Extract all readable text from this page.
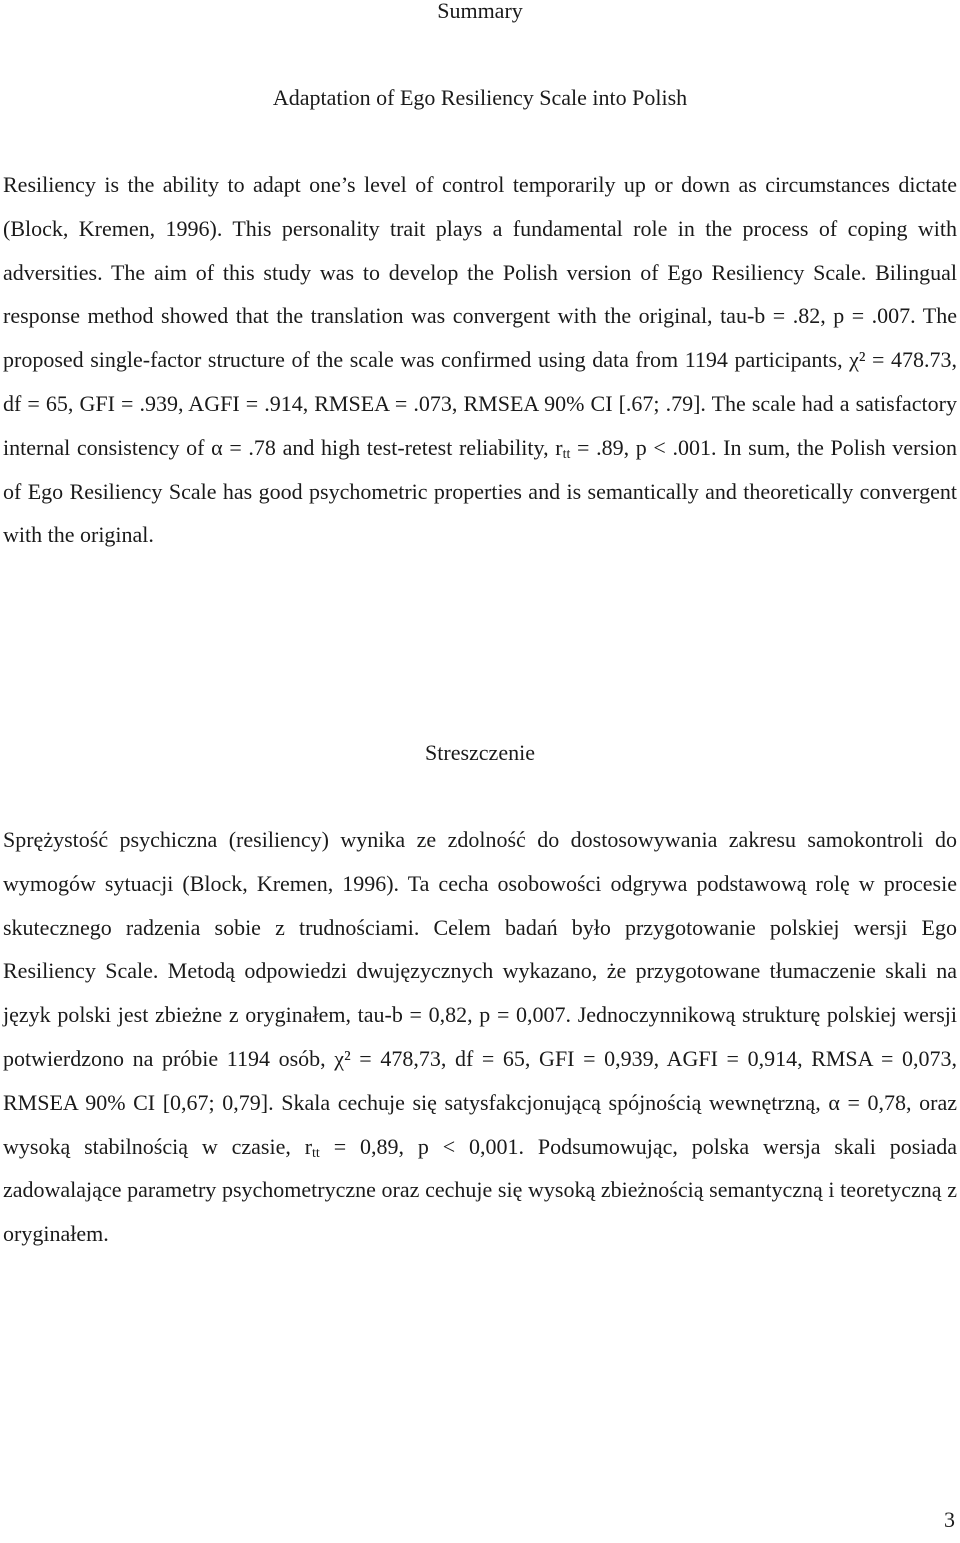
Summary
Adaptation of Ego Resiliency Scale into Polish

Resiliency is the ability to adapt one’s level of control temporarily up or down as circumstances dictate (Block, Kremen, 1996). This personality trait plays a fundamental role in the process of coping with adversities. The aim of this study was to develop the Polish version of Ego Resiliency Scale. Bilingual response method showed that the translation was convergent with the original, tau-b = .82, p = .007. The proposed single-factor structure of the scale was confirmed using data from 1194 participants, χ² = 478.73, df = 65, GFI = .939, AGFI = .914, RMSEA = .073, RMSEA 90% CI [.67; .79]. The scale had a satisfactory internal consistency of α = .78 and high test-retest reliability, $r_{tt} = .89$, p < .001. In sum, the Polish version of Ego Resiliency Scale has good psychometric properties and is semantically and theoretically convergent with the original.

Streszczenie

Sprężystość psychiczna (resiliency) wynika ze zdolność do dostosowywania zakresu samokontroli do wymogów sytuacji (Block, Kremen, 1996). Ta cecha osobowości odgrywa podstawową rolę w procesie skutecznego radzenia sobie z trudnościami. Celem badań było przygotowanie polskiej wersji Ego Resiliency Scale. Metodą odpowiedzi dwujęzycznych wykazano, że przygotowane tłumaczenie skali na język polski jest zbieżne z oryginałem, tau-b = 0,82, p = 0,007. Jednoczynnikową strukturę polskiej wersji potwierdzono na próbie 1194 osób, χ² = 478,73, df = 65, GFI = 0,939, AGFI = 0,914, RMSA = 0,073, RMSEA 90% CI [0,67; 0,79]. Skala cechuje się satysfakcjonującą spójnością wewnętrzną, α = 0,78, oraz wysoką stabilnością w czasie, $r_{tt} = 0,89$, p < 0,001. Podsumowując, polska wersja skali posiada zadowalające parametry psychometryczne oraz cechuje się wysoką zbieżnością semantyczną i teoretyczną z oryginałem.

3
